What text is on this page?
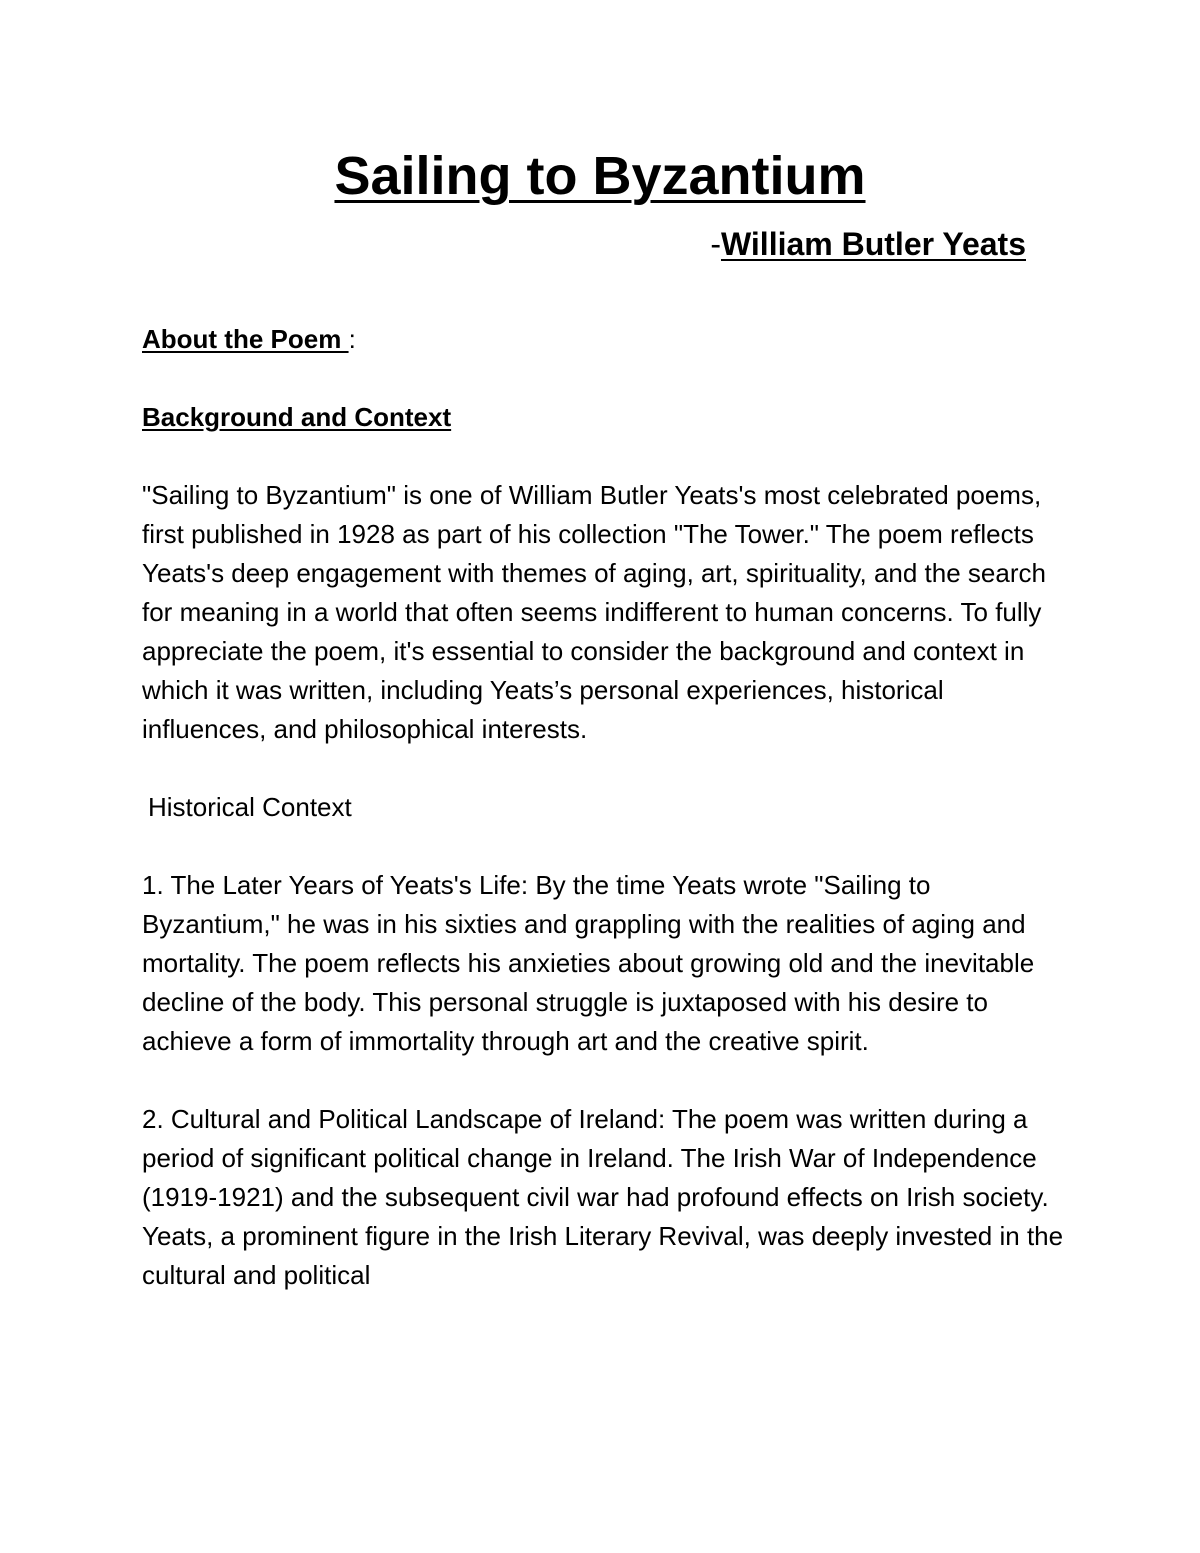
Sailing to Byzantium
-William Butler Yeats

About the Poem :

Background and Context

"Sailing to Byzantium" is one of William Butler Yeats's most celebrated poems, first published in 1928 as part of his collection "The Tower." The poem reflects Yeats's deep engagement with themes of aging, art, spirituality, and the search for meaning in a world that often seems indifferent to human concerns. To fully appreciate the poem, it's essential to consider the background and context in which it was written, including Yeats’s personal experiences, historical influences, and philosophical interests.

Historical Context

1. The Later Years of Yeats's Life: By the time Yeats wrote "Sailing to Byzantium," he was in his sixties and grappling with the realities of aging and mortality. The poem reflects his anxieties about growing old and the inevitable decline of the body. This personal struggle is juxtaposed with his desire to achieve a form of immortality through art and the creative spirit.

2. Cultural and Political Landscape of Ireland: The poem was written during a period of significant political change in Ireland. The Irish War of Independence (1919-1921) and the subsequent civil war had profound effects on Irish society. Yeats, a prominent figure in the Irish Literary Revival, was deeply invested in the cultural and political
